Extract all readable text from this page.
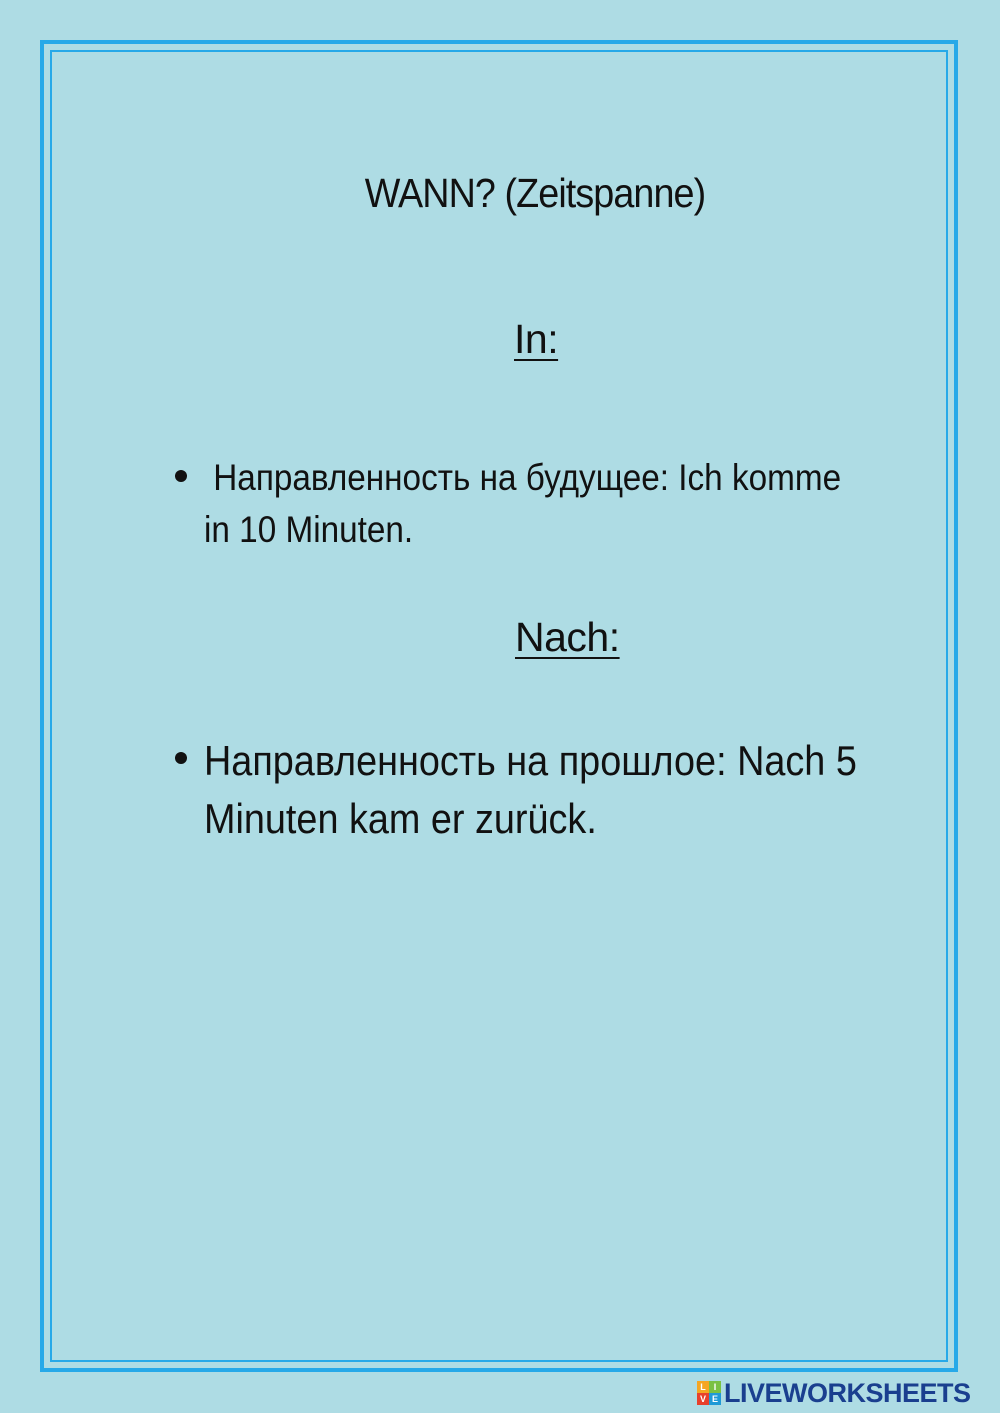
WANN? (Zeitspanne)
In:
Направленность на будущее: Ich komme
in 10 Minuten.
Nach:
Направленность на прошлое: Nach 5
Minuten kam er zurück.
L I
V E LIVEWORKSHEETS
